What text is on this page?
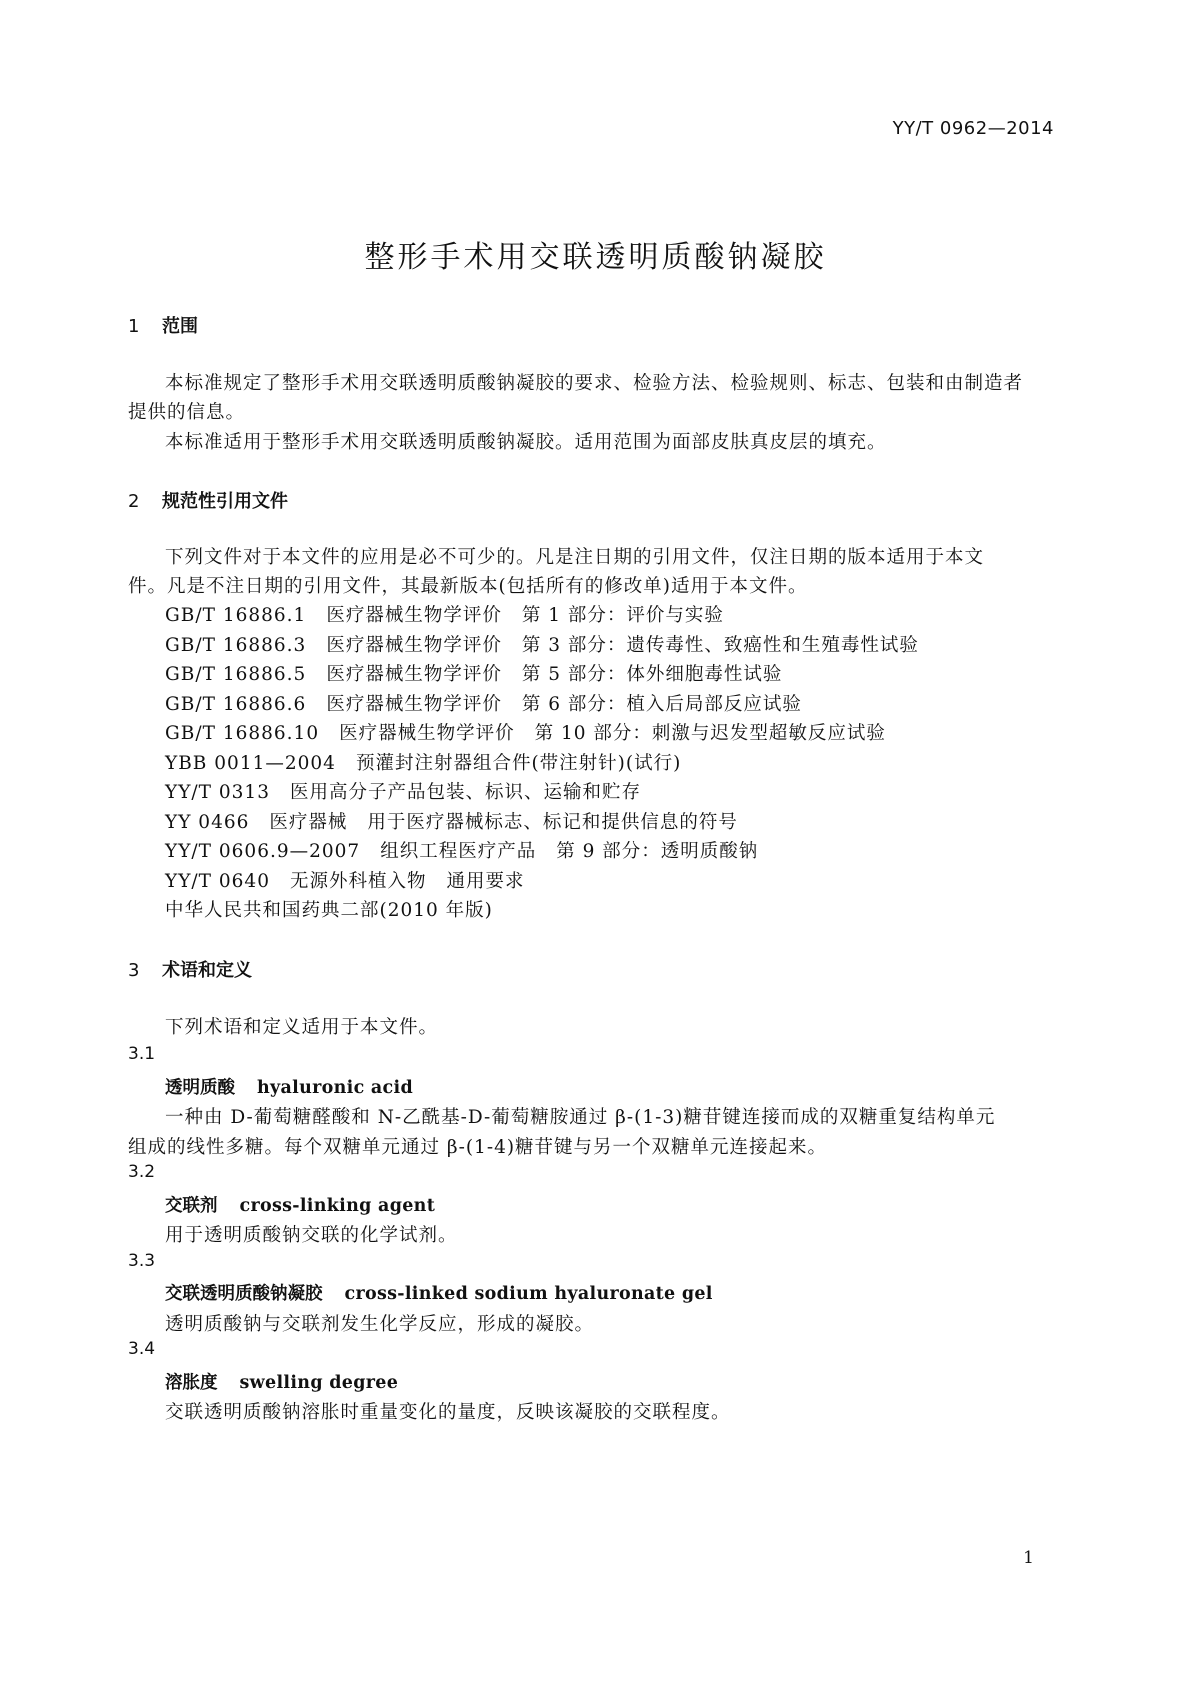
YY/T 0962—2014
整形手术用交联透明质酸钠凝胶
1 范围
本标准规定了整形手术用交联透明质酸钠凝胶的要求、检验方法、检验规则、标志、包装和由制造者
提供的信息。
本标准适用于整形手术用交联透明质酸钠凝胶。适用范围为面部皮肤真皮层的填充。
2 规范性引用文件
下列文件对于本文件的应用是必不可少的。凡是注日期的引用文件，仅注日期的版本适用于本文
件。凡是不注日期的引用文件，其最新版本(包括所有的修改单)适用于本文件。
GB/T 16886.1 医疗器械生物学评价 第 1 部分：评价与实验
GB/T 16886.3 医疗器械生物学评价 第 3 部分：遗传毒性、致癌性和生殖毒性试验
GB/T 16886.5 医疗器械生物学评价 第 5 部分：体外细胞毒性试验
GB/T 16886.6 医疗器械生物学评价 第 6 部分：植入后局部反应试验
GB/T 16886.10 医疗器械生物学评价 第 10 部分：刺激与迟发型超敏反应试验
YBB 0011—2004 预灌封注射器组合件(带注射针)(试行)
YY/T 0313 医用高分子产品包装、标识、运输和贮存
YY 0466 医疗器械 用于医疗器械标志、标记和提供信息的符号
YY/T 0606.9—2007 组织工程医疗产品 第 9 部分：透明质酸钠
YY/T 0640 无源外科植入物 通用要求
中华人民共和国药典二部(2010 年版)
3 术语和定义
下列术语和定义适用于本文件。
3.1
透明质酸 hyaluronic acid
一种由 D-葡萄糖醛酸和 N-乙酰基-D-葡萄糖胺通过 β-(1-3)糖苷键连接而成的双糖重复结构单元
组成的线性多糖。每个双糖单元通过 β-(1-4)糖苷键与另一个双糖单元连接起来。
3.2
交联剂 cross-linking agent
用于透明质酸钠交联的化学试剂。
3.3
交联透明质酸钠凝胶 cross-linked sodium hyaluronate gel
透明质酸钠与交联剂发生化学反应，形成的凝胶。
3.4
溶胀度 swelling degree
交联透明质酸钠溶胀时重量变化的量度，反映该凝胶的交联程度。
1
